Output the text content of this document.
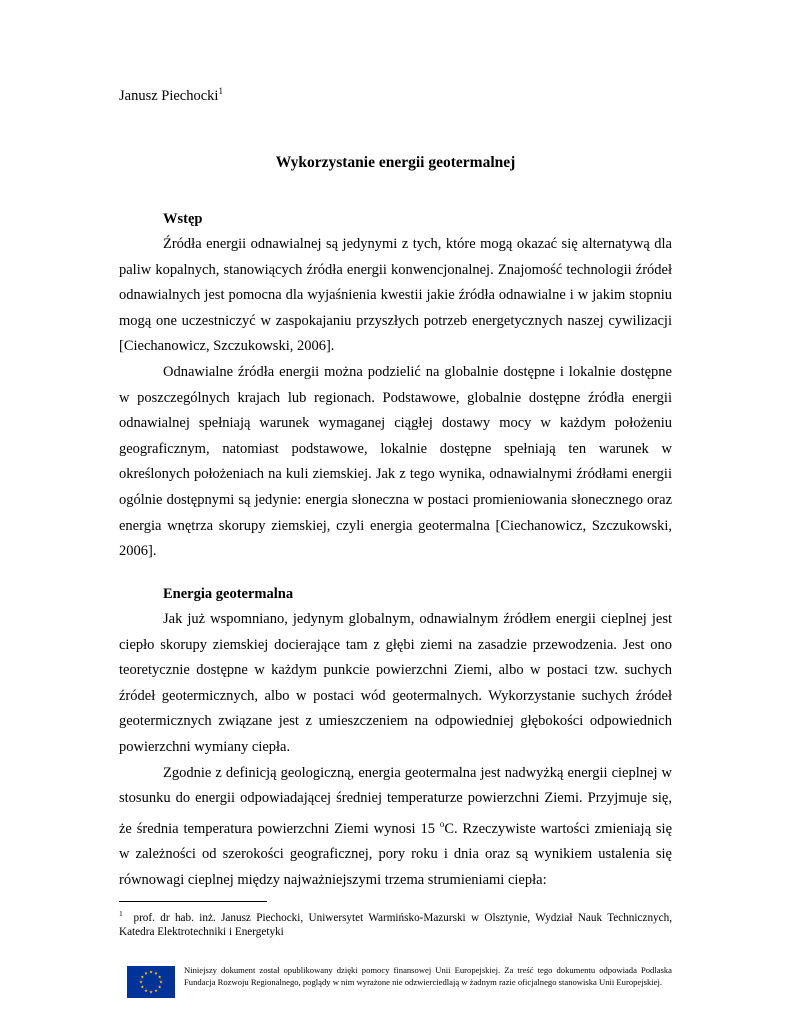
Janusz Piechocki$^1$
Wykorzystanie energii geotermalnej
Wstęp

Źródła energii odnawialnej są jedynymi z tych, które mogą okazać się alternatywą dla paliw kopalnych, stanowiących źródła energii konwencjonalnej. Znajomość technologii źródeł odnawialnych jest pomocna dla wyjaśnienia kwestii jakie źródła odnawialne i w jakim stopniu mogą one uczestniczyć w zaspokajaniu przyszłych potrzeb energetycznych naszej cywilizacji [Ciechanowicz, Szczukowski, 2006].

Odnawialne źródła energii można podzielić na globalnie dostępne i lokalnie dostępne w poszczególnych krajach lub regionach. Podstawowe, globalnie dostępne źródła energii odnawialnej spełniają warunek wymaganej ciągłej dostawy mocy w każdym położeniu geograficznym, natomiast podstawowe, lokalnie dostępne spełniają ten warunek w określonych położeniach na kuli ziemskiej. Jak z tego wynika, odnawialnymi źródłami energii ogólnie dostępnymi są jedynie: energia słoneczna w postaci promieniowania słonecznego oraz energia wnętrza skorupy ziemskiej, czyli energia geotermalna [Ciechanowicz, Szczukowski, 2006].

Energia geotermalna

Jak już wspomniano, jedynym globalnym, odnawialnym źródłem energii cieplnej jest ciepło skorupy ziemskiej docierające tam z głębi ziemi na zasadzie przewodzenia. Jest ono teoretycznie dostępne w każdym punkcie powierzchni Ziemi, albo w postaci tzw. suchych źródeł geotermicznych, albo w postaci wód geotermalnych. Wykorzystanie suchych źródeł geotermicznych związane jest z umieszczeniem na odpowiedniej głębokości odpowiednich powierzchni wymiany ciepła.

Zgodnie z definicją geologiczną, energia geotermalna jest nadwyżką energii cieplnej w stosunku do energii odpowiadającej średniej temperaturze powierzchni Ziemi. Przyjmuje się, że średnia temperatura powierzchni Ziemi wynosi 15 $^o$C. Rzeczywiste wartości zmieniają się w zależności od szerokości geograficznej, pory roku i dnia oraz są wynikiem ustalenia się równowagi cieplnej między najważniejszymi trzema strumieniami ciepła:

$^1$ prof. dr hab. inż. Janusz Piechocki, Uniwersytet Warmińsko-Mazurski w Olsztynie, Wydział Nauk Technicznych, Katedra Elektrotechniki i Energetyki
Niniejszy dokument został opublikowany dzięki pomocy finansowej Unii Europejskiej. Za treść tego dokumentu odpowiada Podlaska Fundacja Rozwoju Regionalnego, poglądy w nim wyrażone nie odzwierciedlają w żadnym razie oficjalnego stanowiska Unii Europejskiej.
